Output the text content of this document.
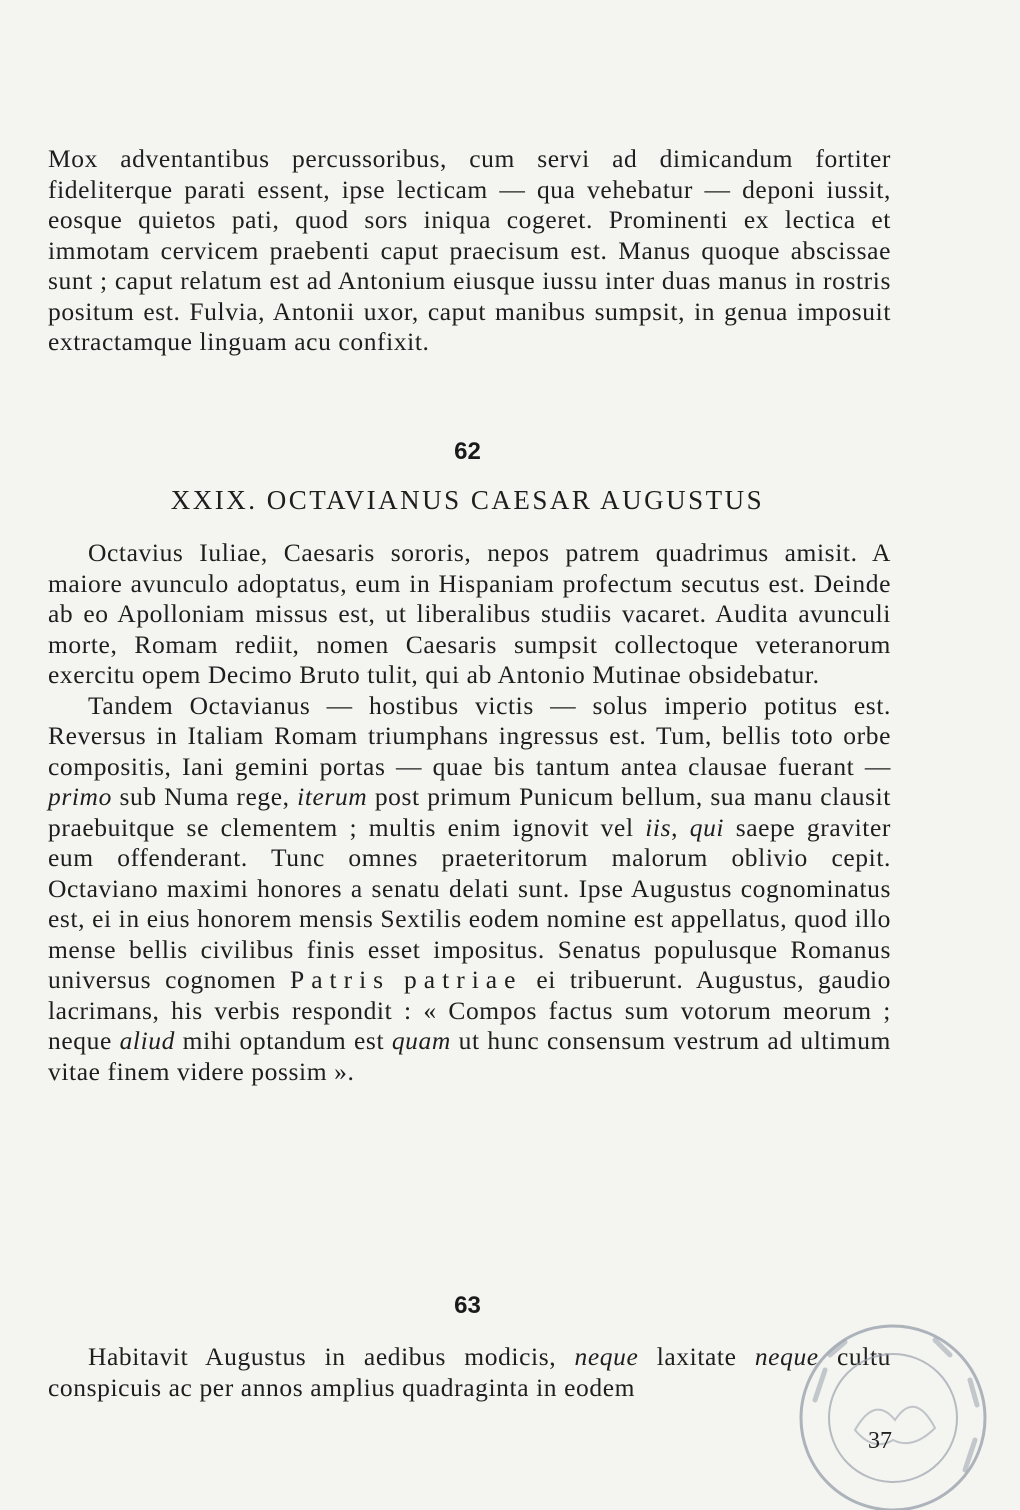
Mox adventantibus percussoribus, cum servi ad dimicandum fortiter fideliterque parati essent, ipse lecticam — qua vehebatur — deponi iussit, eosque quietos pati, quod sors iniqua cogeret. Prominenti ex lectica et immotam cervicem praebenti caput praecisum est. Manus quoque abscissae sunt ; caput relatum est ad Antonium eiusque iussu inter duas manus in rostris positum est. Fulvia, Antonii uxor, caput manibus sumpsit, in genua imposuit extractamque linguam acu confixit.

62
XXIX. OCTAVIANUS CAESAR AUGUSTUS

Octavius Iuliae, Caesaris sororis, nepos patrem quadrimus amisit. A maiore avunculo adoptatus, eum in Hispaniam profectum secutus est. Deinde ab eo Apolloniam missus est, ut liberalibus studiis vacaret. Audita avunculi morte, Romam rediit, nomen Caesaris sumpsit collectoque veteranorum exercitu opem Decimo Bruto tulit, qui ab Antonio Mutinae obsidebatur.

Tandem Octavianus — hostibus victis — solus imperio potitus est. Reversus in Italiam Romam triumphans ingressus est. Tum, bellis toto orbe compositis, Iani gemini portas — quae bis tantum antea clausae fuerant — primo sub Numa rege, iterum post primum Punicum bellum, sua manu clausit praebuitque se clementem ; multis enim ignovit vel iis, qui saepe graviter eum offenderant. Tunc omnes praeteritorum malorum oblivio cepit. Octaviano maximi honores a senatu delati sunt. Ipse Augustus cognominatus est, ei in eius honorem mensis Sextilis eodem nomine est appellatus, quod illo mense bellis civilibus finis esset impositus. Senatus populusque Romanus universus cognomen Patris patriae ei tribuerunt. Augustus, gaudio lacrimans, his verbis respondit : « Compos factus sum votorum meorum ; neque aliud mihi optandum est quam ut hunc consensum vestrum ad ultimum vitae finem videre possim ».

63

Habitavit Augustus in aedibus modicis, neque laxitate neque cultu conspicuis ac per annos amplius quadraginta in eodem

37
